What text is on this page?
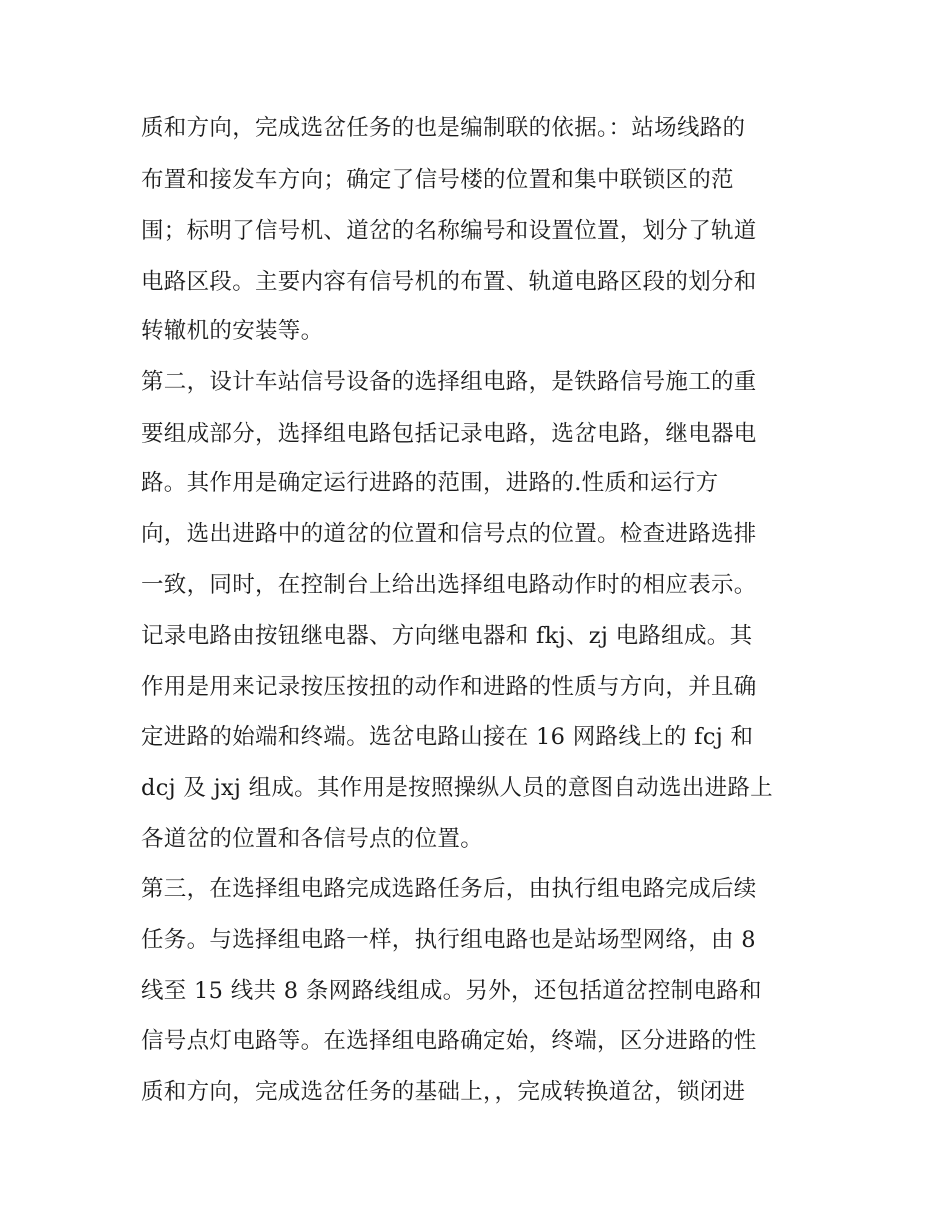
质和方向，完成选岔任务的也是编制联的依据。：站场线路的
布置和接发车方向；确定了信号楼的位置和集中联锁区的范
围；标明了信号机、道岔的名称编号和设置位置，划分了轨道
电路区段。主要内容有信号机的布置、轨道电路区段的划分和
转辙机的安装等。
第二，设计车站信号设备的选择组电路，是铁路信号施工的重
要组成部分，选择组电路包括记录电路，选岔电路，继电器电
路。其作用是确定运行进路的范围，进路的.性质和运行方
向，选出进路中的道岔的位置和信号点的位置。检查进路选排
一致，同时，在控制台上给出选择组电路动作时的相应表示。
记录电路由按钮继电器、方向继电器和 fkj、zj 电路组成。其
作用是用来记录按压按扭的动作和进路的性质与方向，并且确
定进路的始端和终端。选岔电路山接在 16 网路线上的 fcj 和
dcj 及 jxj 组成。其作用是按照操纵人员的意图自动选出进路上
各道岔的位置和各信号点的位置。
第三，在选择组电路完成选路任务后，由执行组电路完成后续
任务。与选择组电路一样，执行组电路也是站场型网络，由 8
线至 15 线共 8 条网路线组成。另外，还包括道岔控制电路和
信号点灯电路等。在选择组电路确定始，终端，区分进路的性
质和方向，完成选岔任务的基础上，，完成转换道岔，锁闭进
